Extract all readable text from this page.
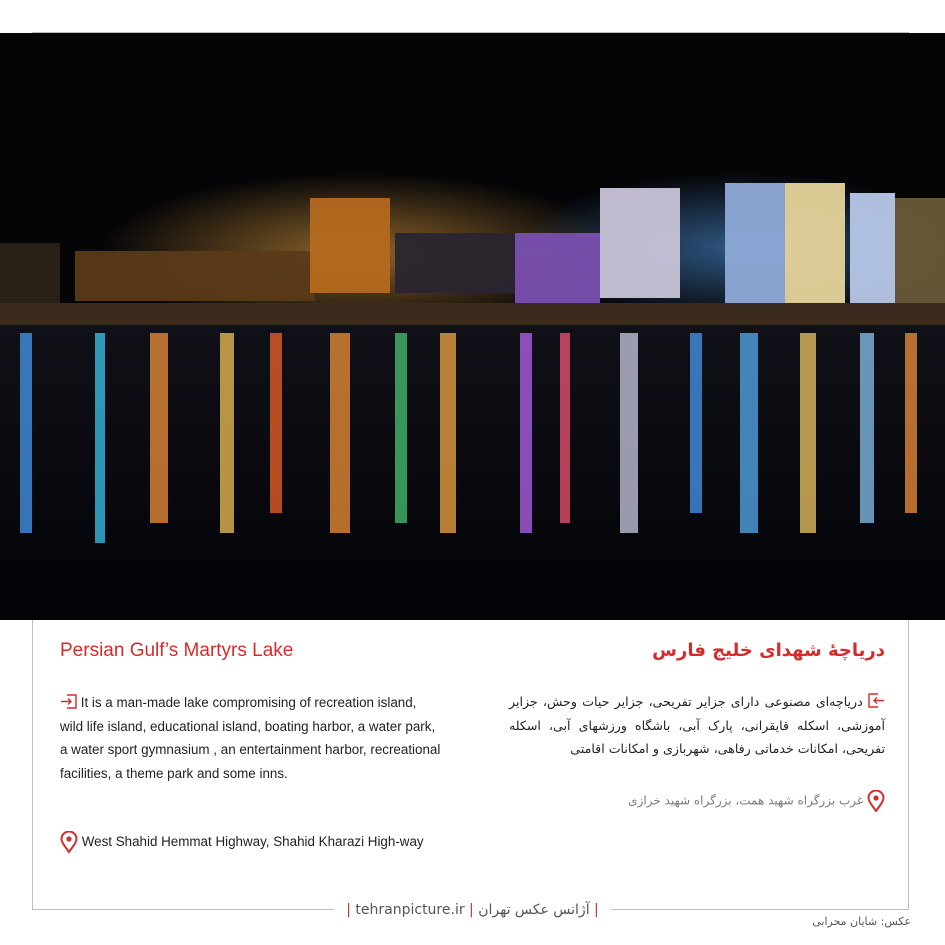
Persian Gulf’s Martyrs Lake	دریاچۀ شهدای خلیج فارس
It is a man-made lake compromising of recreation island, wild life island, educational island, boating harbor, a water park, a water sport gymnasium , an entertainment harbor, recreational facilities, a theme park and some inns.
دریاچه‌ای مصنوعی دارای جزایر تفریحی، جزایر حیات وحش، جزایر آموزشی، اسکله قایقرانی، پارک آبی، باشگاه ورزشهای آبی، اسکله تفریحی، امکانات خدماتی رفاهی، شهربازی و امکانات اقامتی
West Shahid Hemmat Highway, Shahid Kharazi High-way
غرب بزرگراه شهید همت، بزرگراه شهید خرازی
| tehranpicture.ir | آژانس عکس تهران |
عکس: شایان محرابی
